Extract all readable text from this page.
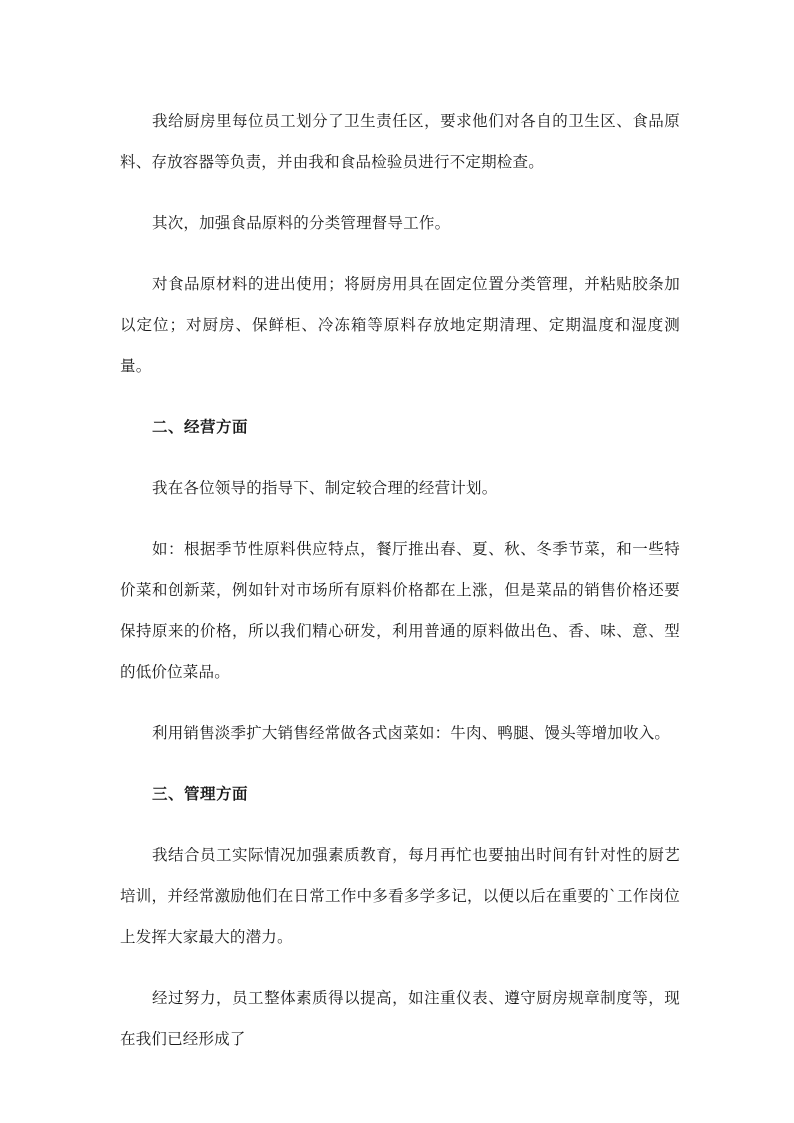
我给厨房里每位员工划分了卫生责任区，要求他们对各自的卫生区、食品原料、存放容器等负责，并由我和食品检验员进行不定期检查。

其次，加强食品原料的分类管理督导工作。

对食品原材料的进出使用；将厨房用具在固定位置分类管理，并粘贴胶条加以定位；对厨房、保鲜柜、冷冻箱等原料存放地定期清理、定期温度和湿度测量。

二、经营方面

我在各位领导的指导下、制定较合理的经营计划。

如：根据季节性原料供应特点，餐厅推出春、夏、秋、冬季节菜，和一些特价菜和创新菜，例如针对市场所有原料价格都在上涨，但是菜品的销售价格还要保持原来的价格，所以我们精心研发，利用普通的原料做出色、香、味、意、型的低价位菜品。

利用销售淡季扩大销售经常做各式卤菜如：牛肉、鸭腿、馒头等增加收入。

三、管理方面

我结合员工实际情况加强素质教育，每月再忙也要抽出时间有针对性的厨艺培训，并经常激励他们在日常工作中多看多学多记，以便以后在重要的`工作岗位上发挥大家最大的潜力。

经过努力，员工整体素质得以提高，如注重仪表、遵守厨房规章制度等，现在我们已经形成了
